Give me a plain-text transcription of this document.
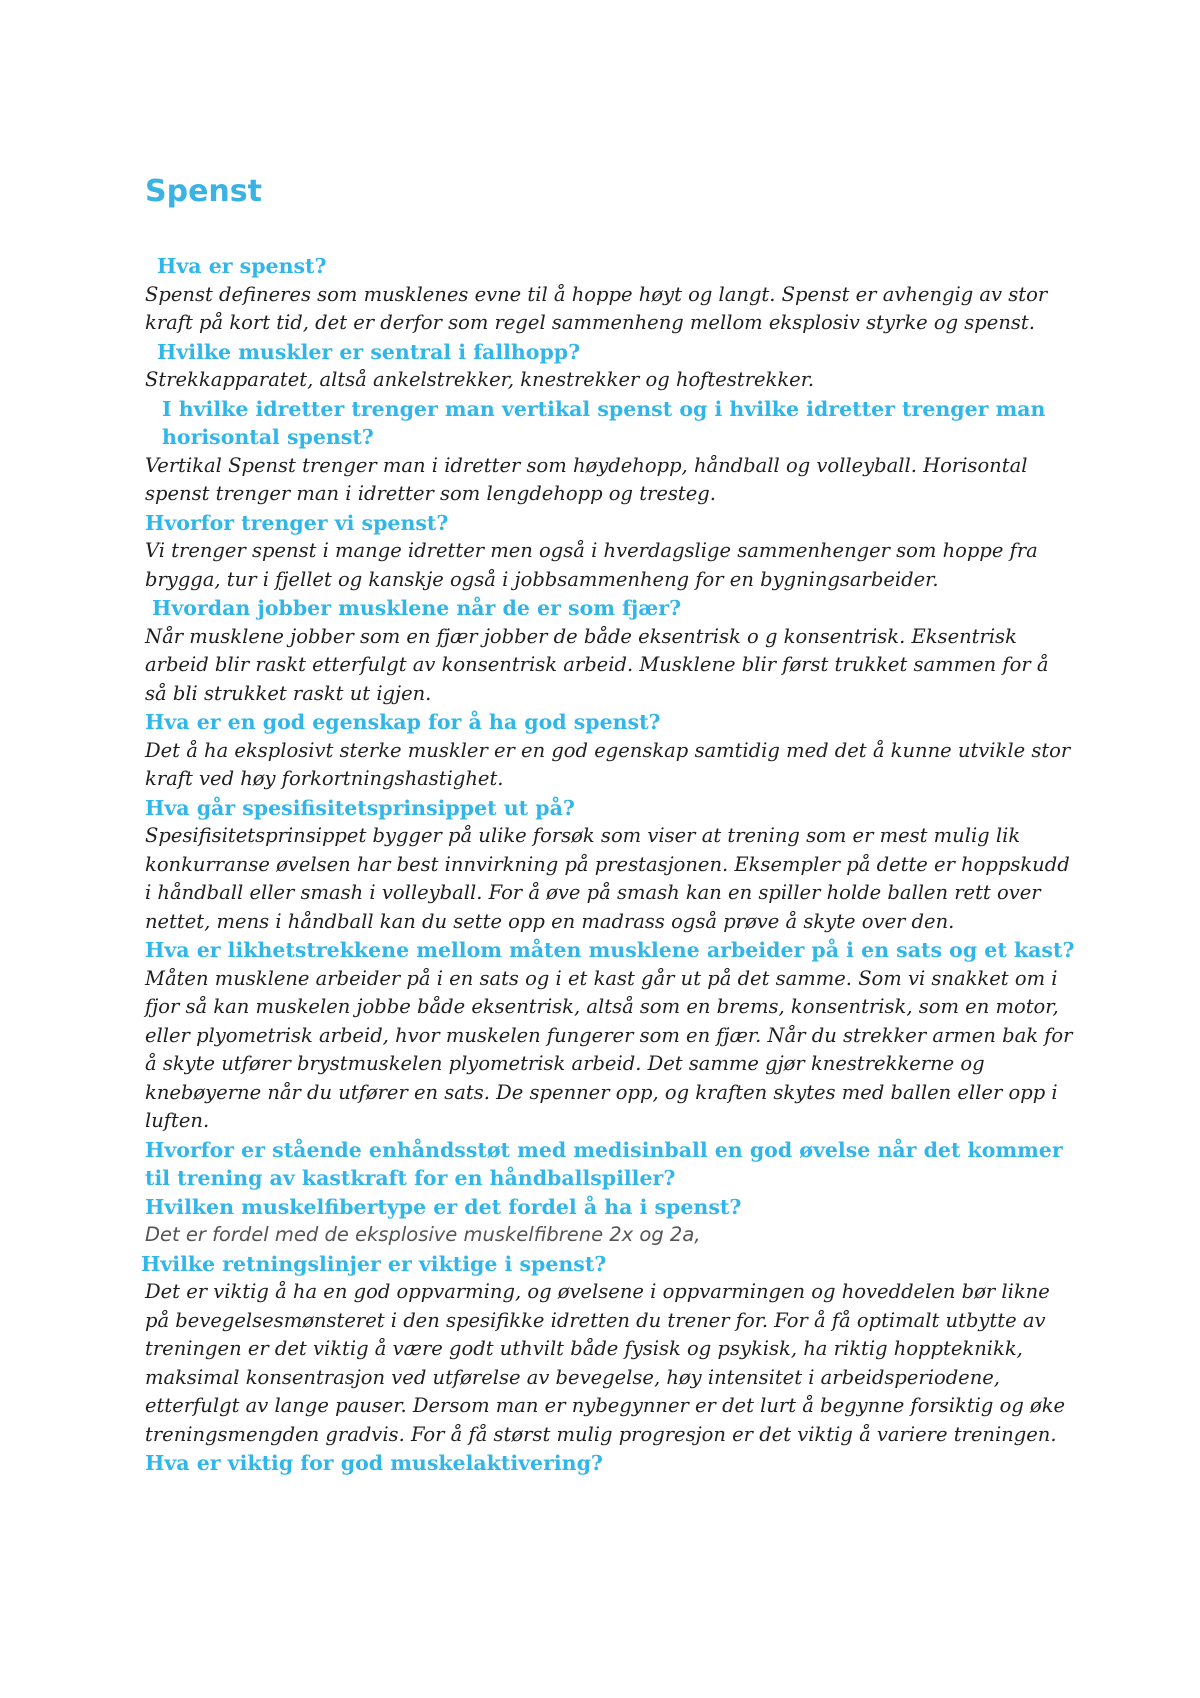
Spenst

Hva er spenst?

Spenst defineres som musklenes evne til å hoppe høyt og langt. Spenst er avhengig av stor kraft på kort tid, det er derfor som regel sammenheng mellom eksplosiv styrke og spenst.

Hvilke muskler er sentral i fallhopp?

Strekkapparatet, altså ankelstrekker, knestrekker og hoftestrekker.

I hvilke idretter trenger man vertikal spenst og i hvilke idretter trenger man horisontal spenst?

Vertikal Spenst trenger man i idretter som høydehopp, håndball og volleyball. Horisontal spenst trenger man i idretter som lengdehopp og tresteg.

Hvorfor trenger vi spenst?

Vi trenger spenst i mange idretter men også i hverdagslige sammenhenger som hoppe fra brygga, tur i fjellet og kanskje også i jobbsammenheng for en bygningsarbeider.

Hvordan jobber musklene når de er som fjær?

Når musklene jobber som en fjær jobber de både eksentrisk o g konsentrisk. Eksentrisk arbeid blir raskt etterfulgt av konsentrisk arbeid. Musklene blir først trukket sammen for å så bli strukket raskt ut igjen.

Hva er en god egenskap for å ha god spenst?

Det å ha eksplosivt sterke muskler er en god egenskap samtidig med det å kunne utvikle stor kraft ved høy forkortningshastighet.

Hva går spesifisitetsprinsippet ut på?

Spesifisitetsprinsippet bygger på ulike forsøk som viser at trening som er mest mulig lik konkurranse øvelsen har best innvirkning på prestasjonen. Eksempler på dette er hoppskudd i håndball eller smash i volleyball. For å øve på smash kan en spiller holde ballen rett over nettet, mens i håndball kan du sette opp en madrass også prøve å skyte over den.

Hva er likhetstrekkene mellom måten musklene arbeider på i en sats og et kast?

Måten musklene arbeider på i en sats og i et kast går ut på det samme. Som vi snakket om i fjor så kan muskelen jobbe både eksentrisk, altså som en brems, konsentrisk, som en motor, eller plyometrisk arbeid, hvor muskelen fungerer som en fjær. Når du strekker armen bak for å skyte utfører brystmuskelen plyometrisk arbeid. Det samme gjør knestrekkerne og knebøyerne når du utfører en sats. De spenner opp, og kraften skytes med ballen eller opp i luften.

Hvorfor er stående enhåndsstøt med medisinball en god øvelse når det kommer til trening av kastkraft for en håndballspiller?

Hvilken muskelfibertype er det fordel å ha i spenst?

Det er fordel med de eksplosive muskelfibrene 2x og 2a,

Hvilke retningslinjer er viktige i spenst?

Det er viktig å ha en god oppvarming, og øvelsene i oppvarmingen og hoveddelen bør likne på bevegelsesmønsteret i den spesifikke idretten du trener for. For å få optimalt utbytte av treningen er det viktig å være godt uthvilt både fysisk og psykisk, ha riktig hoppteknikk, maksimal konsentrasjon ved utførelse av bevegelse, høy intensitet i arbeidsperiodene, etterfulgt av lange pauser. Dersom man er nybegynner er det lurt å begynne forsiktig og øke treningsmengden gradvis. For å få størst mulig progresjon er det viktig å variere treningen.

Hva er viktig for god muskelaktivering?
